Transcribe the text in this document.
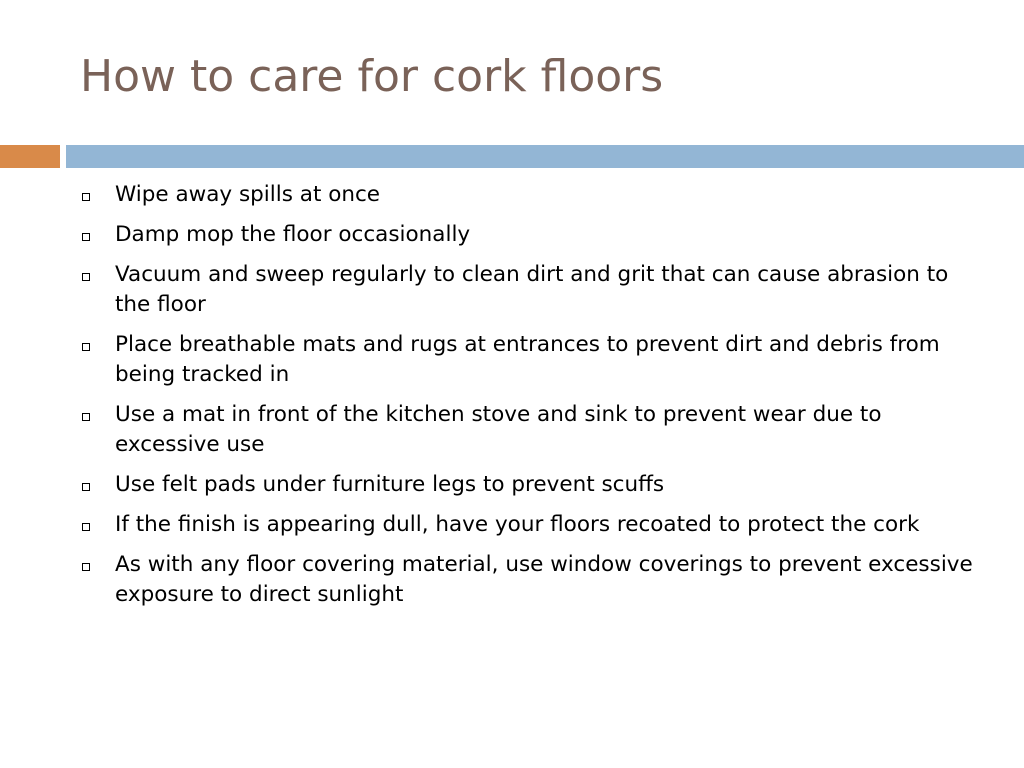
How to care for cork floors
Wipe away spills at once
Damp mop the floor occasionally
Vacuum and sweep regularly to clean dirt and grit that can cause abrasion to the floor
Place breathable mats and rugs at entrances to prevent dirt and debris from being tracked in
Use a mat in front of the kitchen stove and sink to prevent wear due to excessive use
Use felt pads under furniture legs to prevent scuffs
If the finish is appearing dull, have your floors recoated to protect the cork
As with any floor covering material, use window coverings to prevent excessive exposure to direct sunlight
